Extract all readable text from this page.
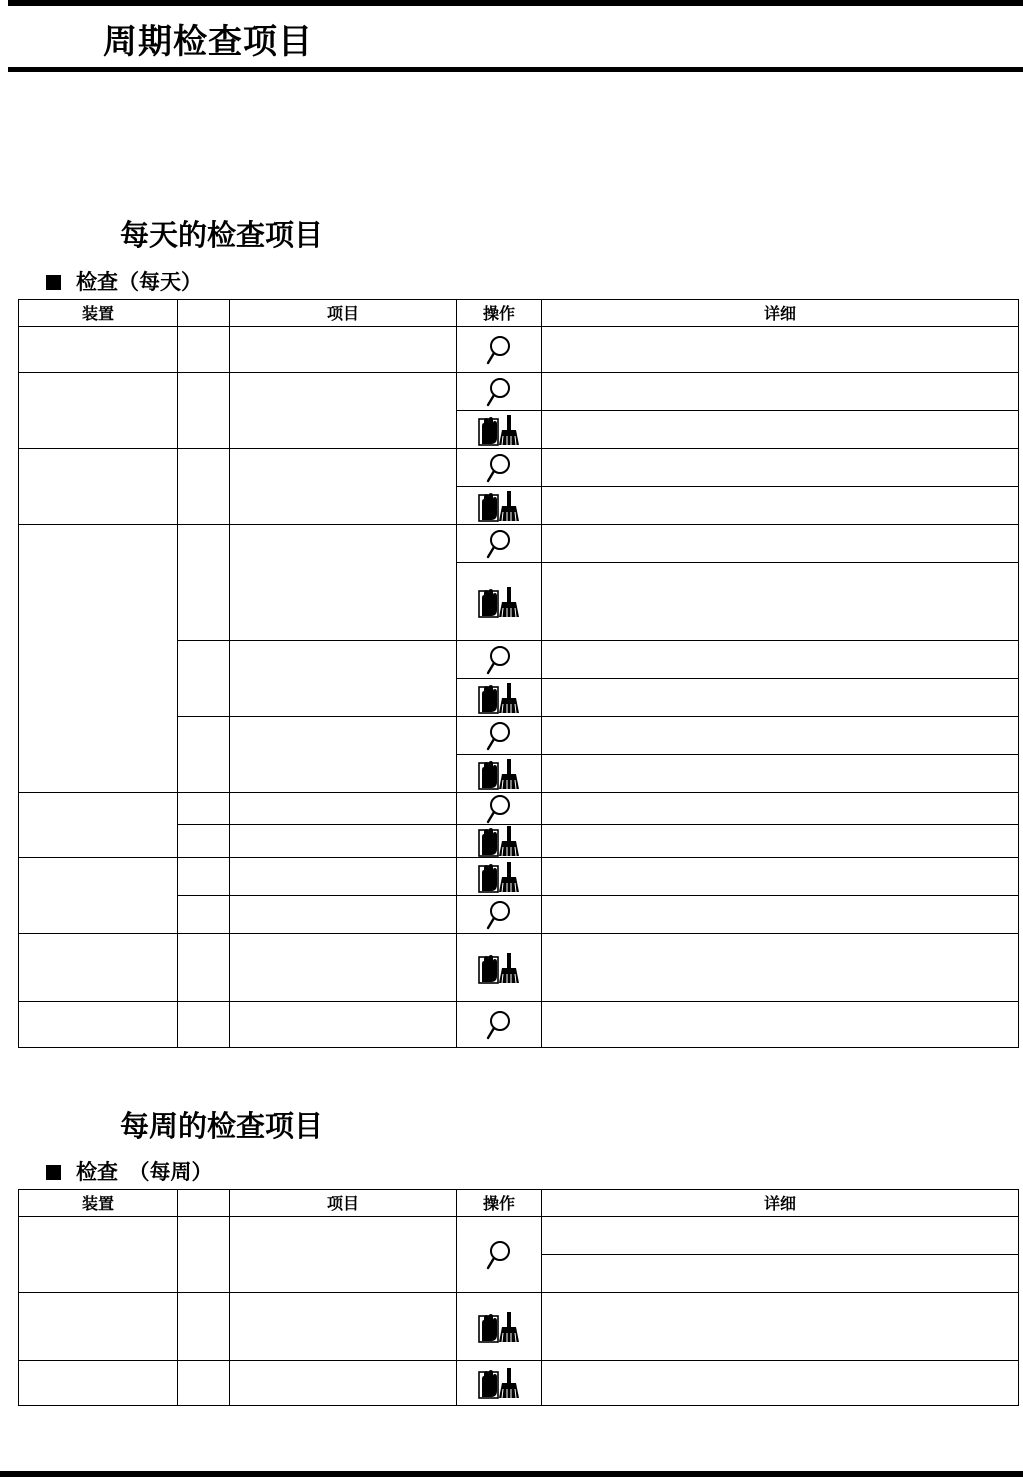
周期检查项目
每天的检查项目
检查（每天）
装置		项目	操作	详细

每周的检查项目
检查　（每周）
装置		项目	操作	详细
